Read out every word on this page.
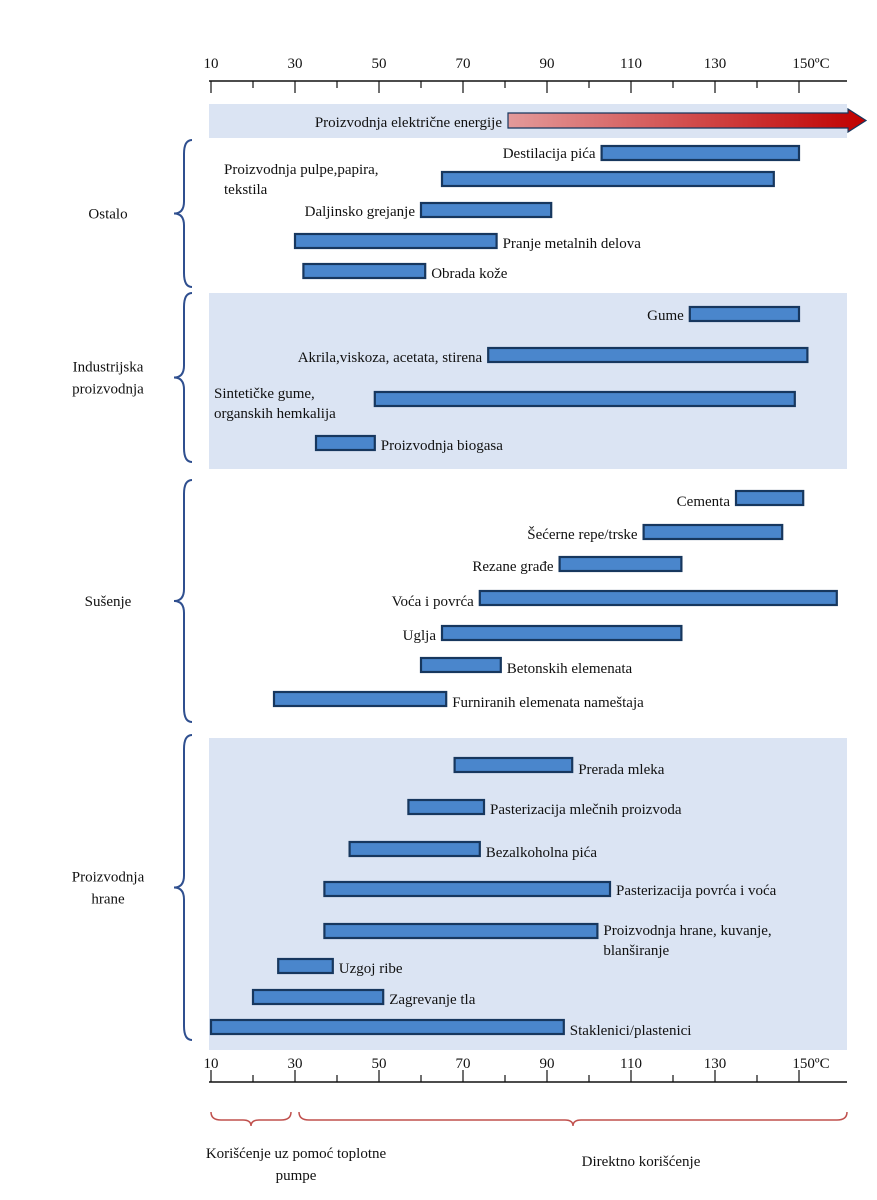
10	30	50	70	90	110	130	150ºC
10	30	50	70	90	110	130	150ºC
Proizvodnja električne energije
Destilacija pića
Proizvodnja pulpe,papira, tekstila
Daljinsko grejanje
Pranje metalnih delova
Obrada kože
Gume
Akrila,viskoza, acetata, stirena
Sintetičke gume, organskih hemkalija
Proizvodnja biogasa
Cementa
Šećerne repe/trske
Rezane građe
Voća i povrća
Uglja
Betonskih elemenata
Furniranih elemenata nameštaja
Prerada mleka
Pasterizacija mlečnih proizvoda
Bezalkoholna pića
Pasterizacija povrća i voća
Proizvodnja hrane, kuvanje, blanširanje
Uzgoj ribe
Zagrevanje tla
Staklenici/plastenici
Ostalo
Industrijska proizvodnja
Sušenje
Proizvodnja hrane
Korišćenje uz pomoć toplotne pumpe
Direktno korišćenje
